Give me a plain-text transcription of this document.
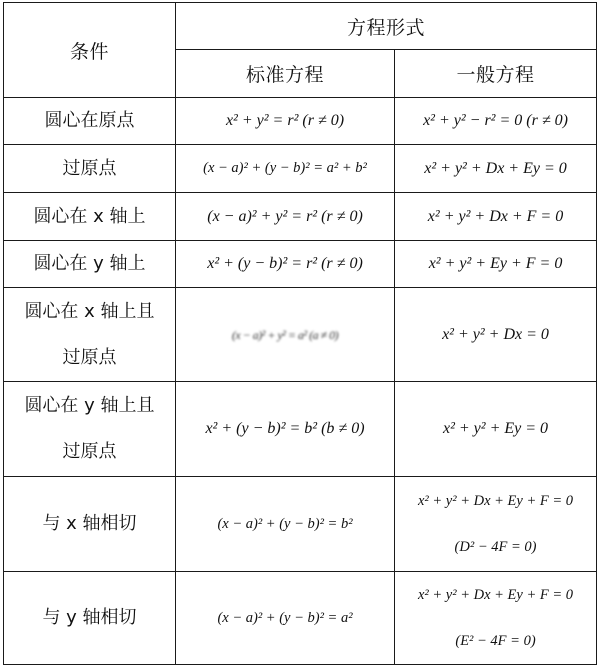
条件	方程形式	
	标准方程	一般方程
圆心在原点	x² + y² = r² (r ≠ 0)	x² + y² − r² = 0 (r ≠ 0)
过原点	(x − a)² + (y − b)² = a² + b²	x² + y² + Dx + Ey = 0
圆心在 x 轴上	(x − a)² + y² = r² (r ≠ 0)	x² + y² + Dx + F = 0
圆心在 y 轴上	x² + (y − b)² = r² (r ≠ 0)	x² + y² + Ey + F = 0
圆心在 x 轴上且
过原点	(x − a)² + y² = a² (a ≠ 0)	x² + y² + Dx = 0
圆心在 y 轴上且
过原点	x² + (y − b)² = b² (b ≠ 0)	x² + y² + Ey = 0
与 x 轴相切	(x − a)² + (y − b)² = b²	x² + y² + Dx + Ey + F = 0
(D² − 4F = 0)
与 y 轴相切	(x − a)² + (y − b)² = a²	x² + y² + Dx + Ey + F = 0
(E² − 4F = 0)
